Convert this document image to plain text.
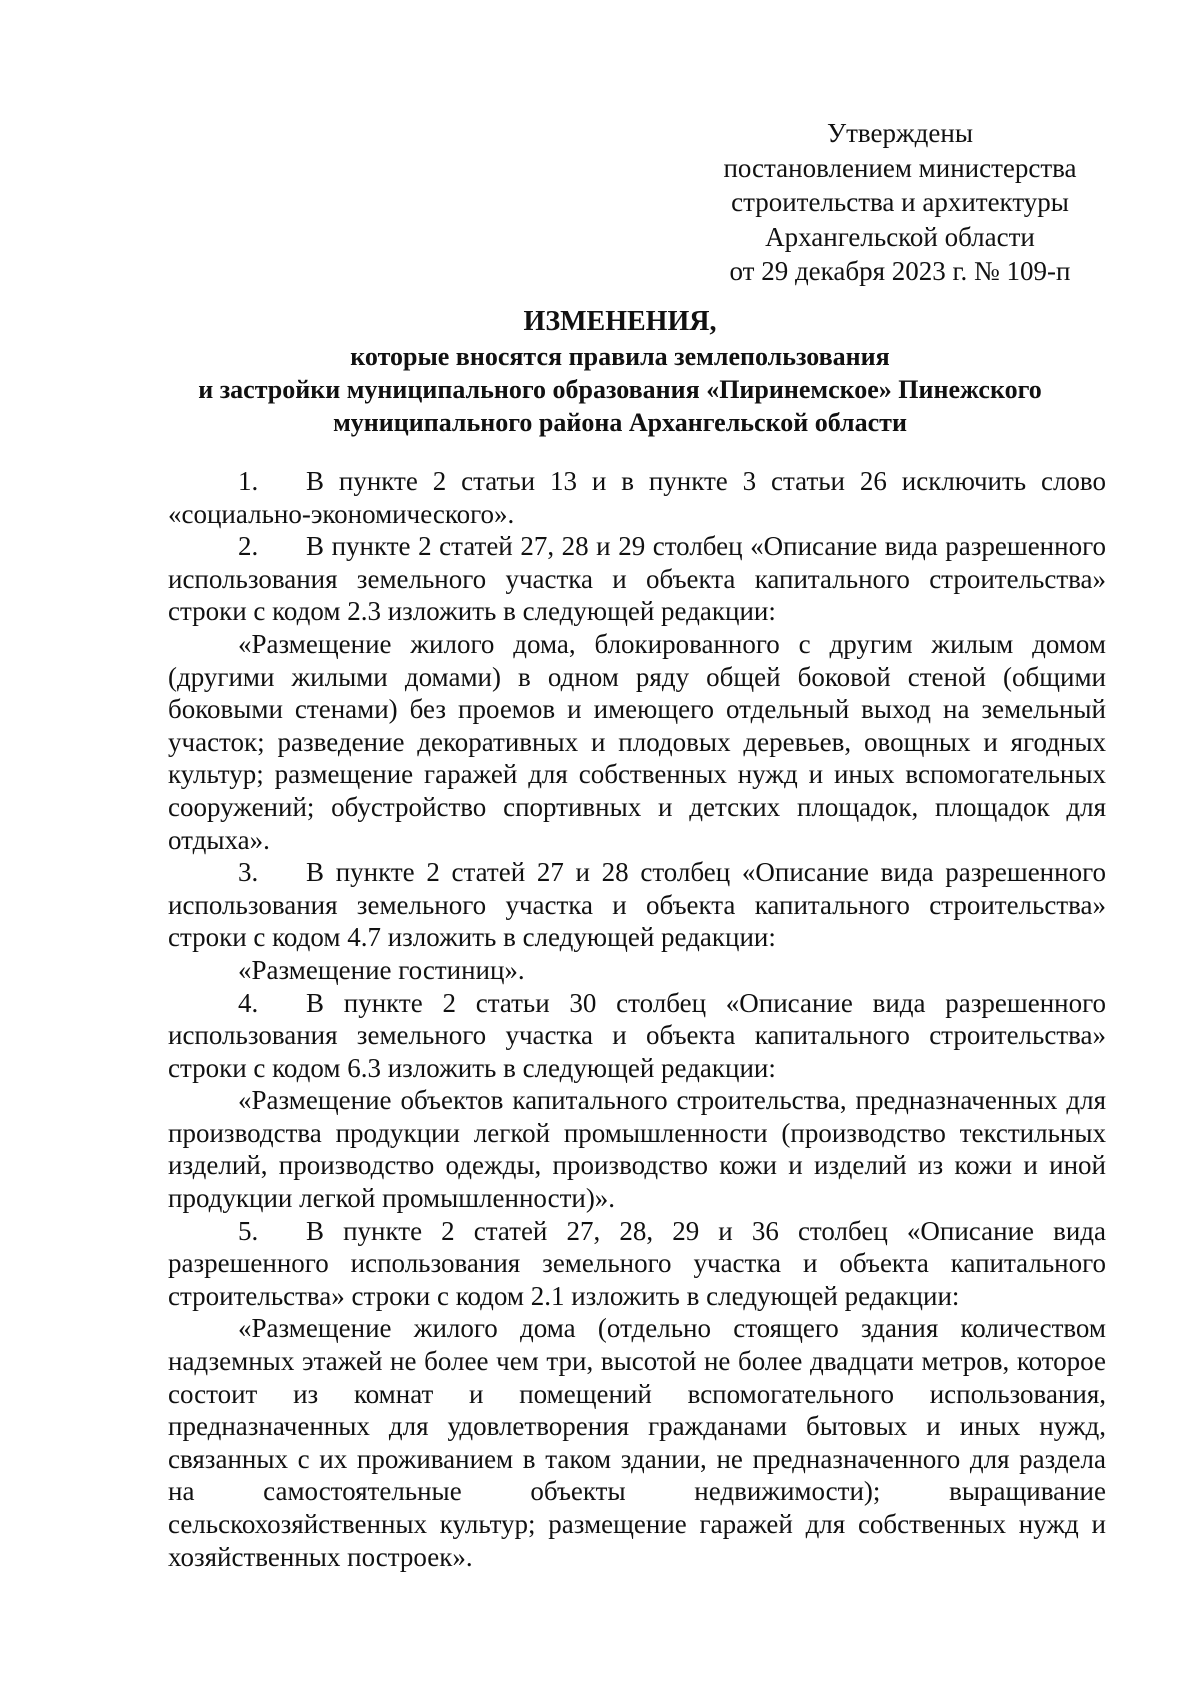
Утверждены
постановлением министерства
строительства и архитектуры
Архангельской области
от 29 декабря 2023 г. № 109-п
ИЗМЕНЕНИЯ,
которые вносятся правила землепользования
и застройки муниципального образования «Пиринемское» Пинежского
муниципального района Архангельской области

1. В пункте 2 статьи 13 и в пункте 3 статьи 26 исключить слово «социально-экономического».

2. В пункте 2 статей 27, 28 и 29 столбец «Описание вида разрешенного использования земельного участка и объекта капитального строительства» строки с кодом 2.3 изложить в следующей редакции:

«Размещение жилого дома, блокированного с другим жилым домом (другими жилыми домами) в одном ряду общей боковой стеной (общими боковыми стенами) без проемов и имеющего отдельный выход на земельный участок; разведение декоративных и плодовых деревьев, овощных и ягодных культур; размещение гаражей для собственных нужд и иных вспомогательных сооружений; обустройство спортивных и детских площадок, площадок для отдыха».

3. В пункте 2 статей 27 и 28 столбец «Описание вида разрешенного использования земельного участка и объекта капитального строительства» строки с кодом 4.7 изложить в следующей редакции:

«Размещение гостиниц».

4. В пункте 2 статьи 30 столбец «Описание вида разрешенного использования земельного участка и объекта капитального строительства» строки с кодом 6.3 изложить в следующей редакции:

«Размещение объектов капитального строительства, предназначенных для производства продукции легкой промышленности (производство текстильных изделий, производство одежды, производство кожи и изделий из кожи и иной продукции легкой промышленности)».

5. В пункте 2 статей 27, 28, 29 и 36 столбец «Описание вида разрешенного использования земельного участка и объекта капитального строительства» строки с кодом 2.1 изложить в следующей редакции:

«Размещение жилого дома (отдельно стоящего здания количеством надземных этажей не более чем три, высотой не более двадцати метров, которое состоит из комнат и помещений вспомогательного использования, предназначенных для удовлетворения гражданами бытовых и иных нужд, связанных с их проживанием в таком здании, не предназначенного для раздела на самостоятельные объекты недвижимости); выращивание сельскохозяйственных культур; размещение гаражей для собственных нужд и хозяйственных построек».
